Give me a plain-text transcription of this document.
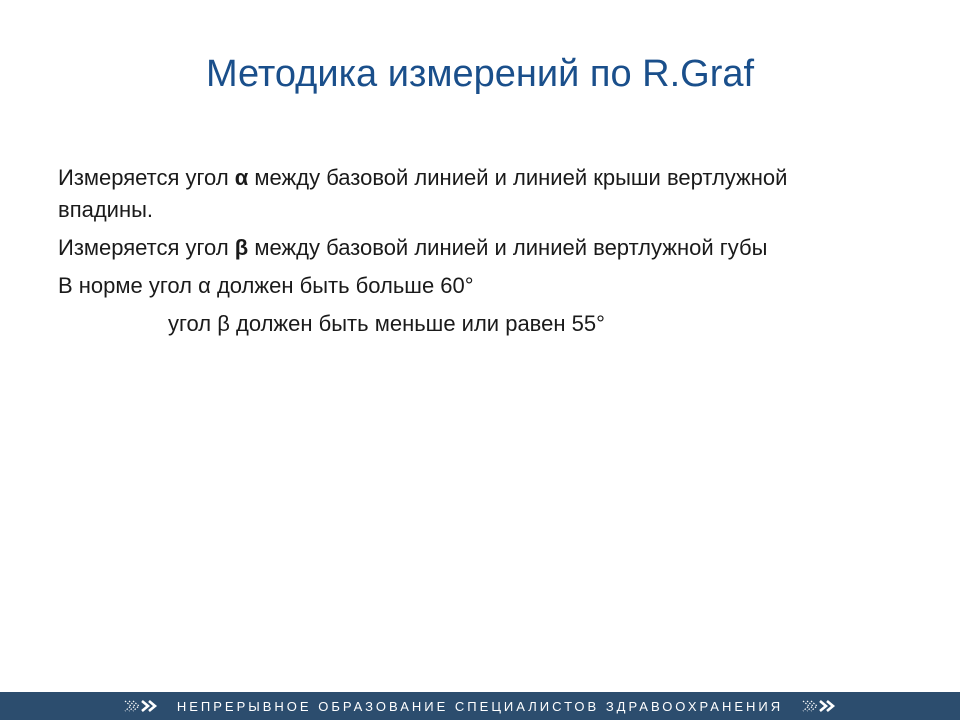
Методика измерений по R.Graf

Измеряется угол α между базовой линией и линией крыши вертлужной впадины.

Измеряется угол β между базовой линией и линией вертлужной губы

В норме угол α должен быть больше 60°

угол β должен быть меньше или равен 55°

НЕПРЕРЫВНОЕ ОБРАЗОВАНИЕ СПЕЦИАЛИСТОВ ЗДРАВООХРАНЕНИЯ
